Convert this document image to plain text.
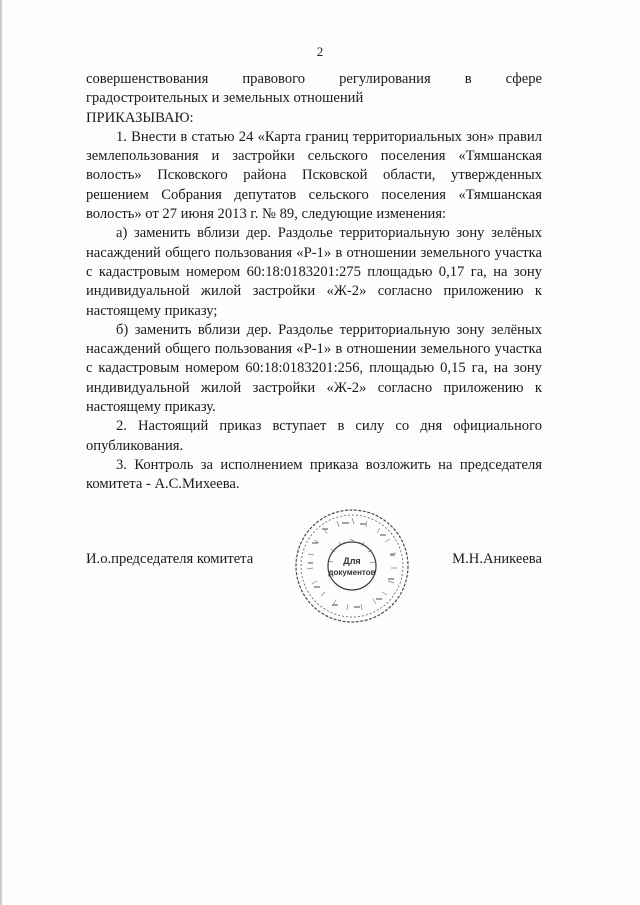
2

совершенствования правового регулирования в сфере градостроительных и земельных отношений

ПРИКАЗЫВАЮ:

1. Внести в статью 24 «Карта границ территориальных зон» правил землепользования и застройки сельского поселения «Тямшанская волость» Псковского района Псковской области, утвержденных решением Собрания депутатов сельского поселения «Тямшанская волость» от 27 июня 2013 г. № 89, следующие изменения:

а) заменить вблизи дер. Раздолье территориальную зону зелёных насаждений общего пользования «Р-1» в отношении земельного участка с кадастровым номером 60:18:0183201:275 площадью 0,17 га, на зону индивидуальной жилой застройки «Ж-2» согласно приложению к настоящему приказу;

б) заменить вблизи дер. Раздолье территориальную зону зелёных насаждений общего пользования «Р-1» в отношении земельного участка с кадастровым номером 60:18:0183201:256, площадью 0,15 га, на зону индивидуальной жилой застройки «Ж-2» согласно приложению к настоящему приказу.

2. Настоящий приказ вступает в силу со дня официального опубликования.

3. Контроль за исполнением приказа возложить на председателя комитета - А.С.Михеева.

Для
документов
И.о.председателя комитета	М.Н.Аникеева
